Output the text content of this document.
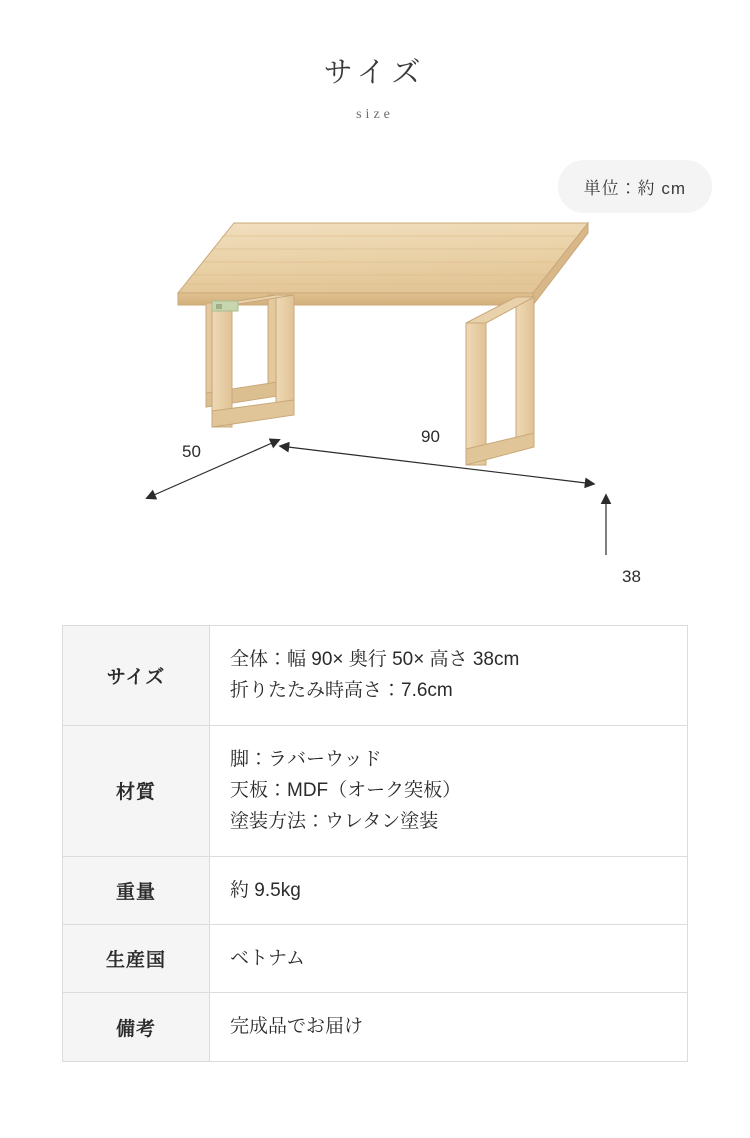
サイズ
size
単位：約 cm
90
50
38
サイズ	全体：幅 90× 奥行 50× 高さ 38cm
折りたたみ時高さ：7.6cm

材質	脚：ラバーウッド
天板：MDF（オーク突板）
塗装方法：ウレタン塗装

重量	約 9.5kg

生産国	ベトナム

備考	完成品でお届け
